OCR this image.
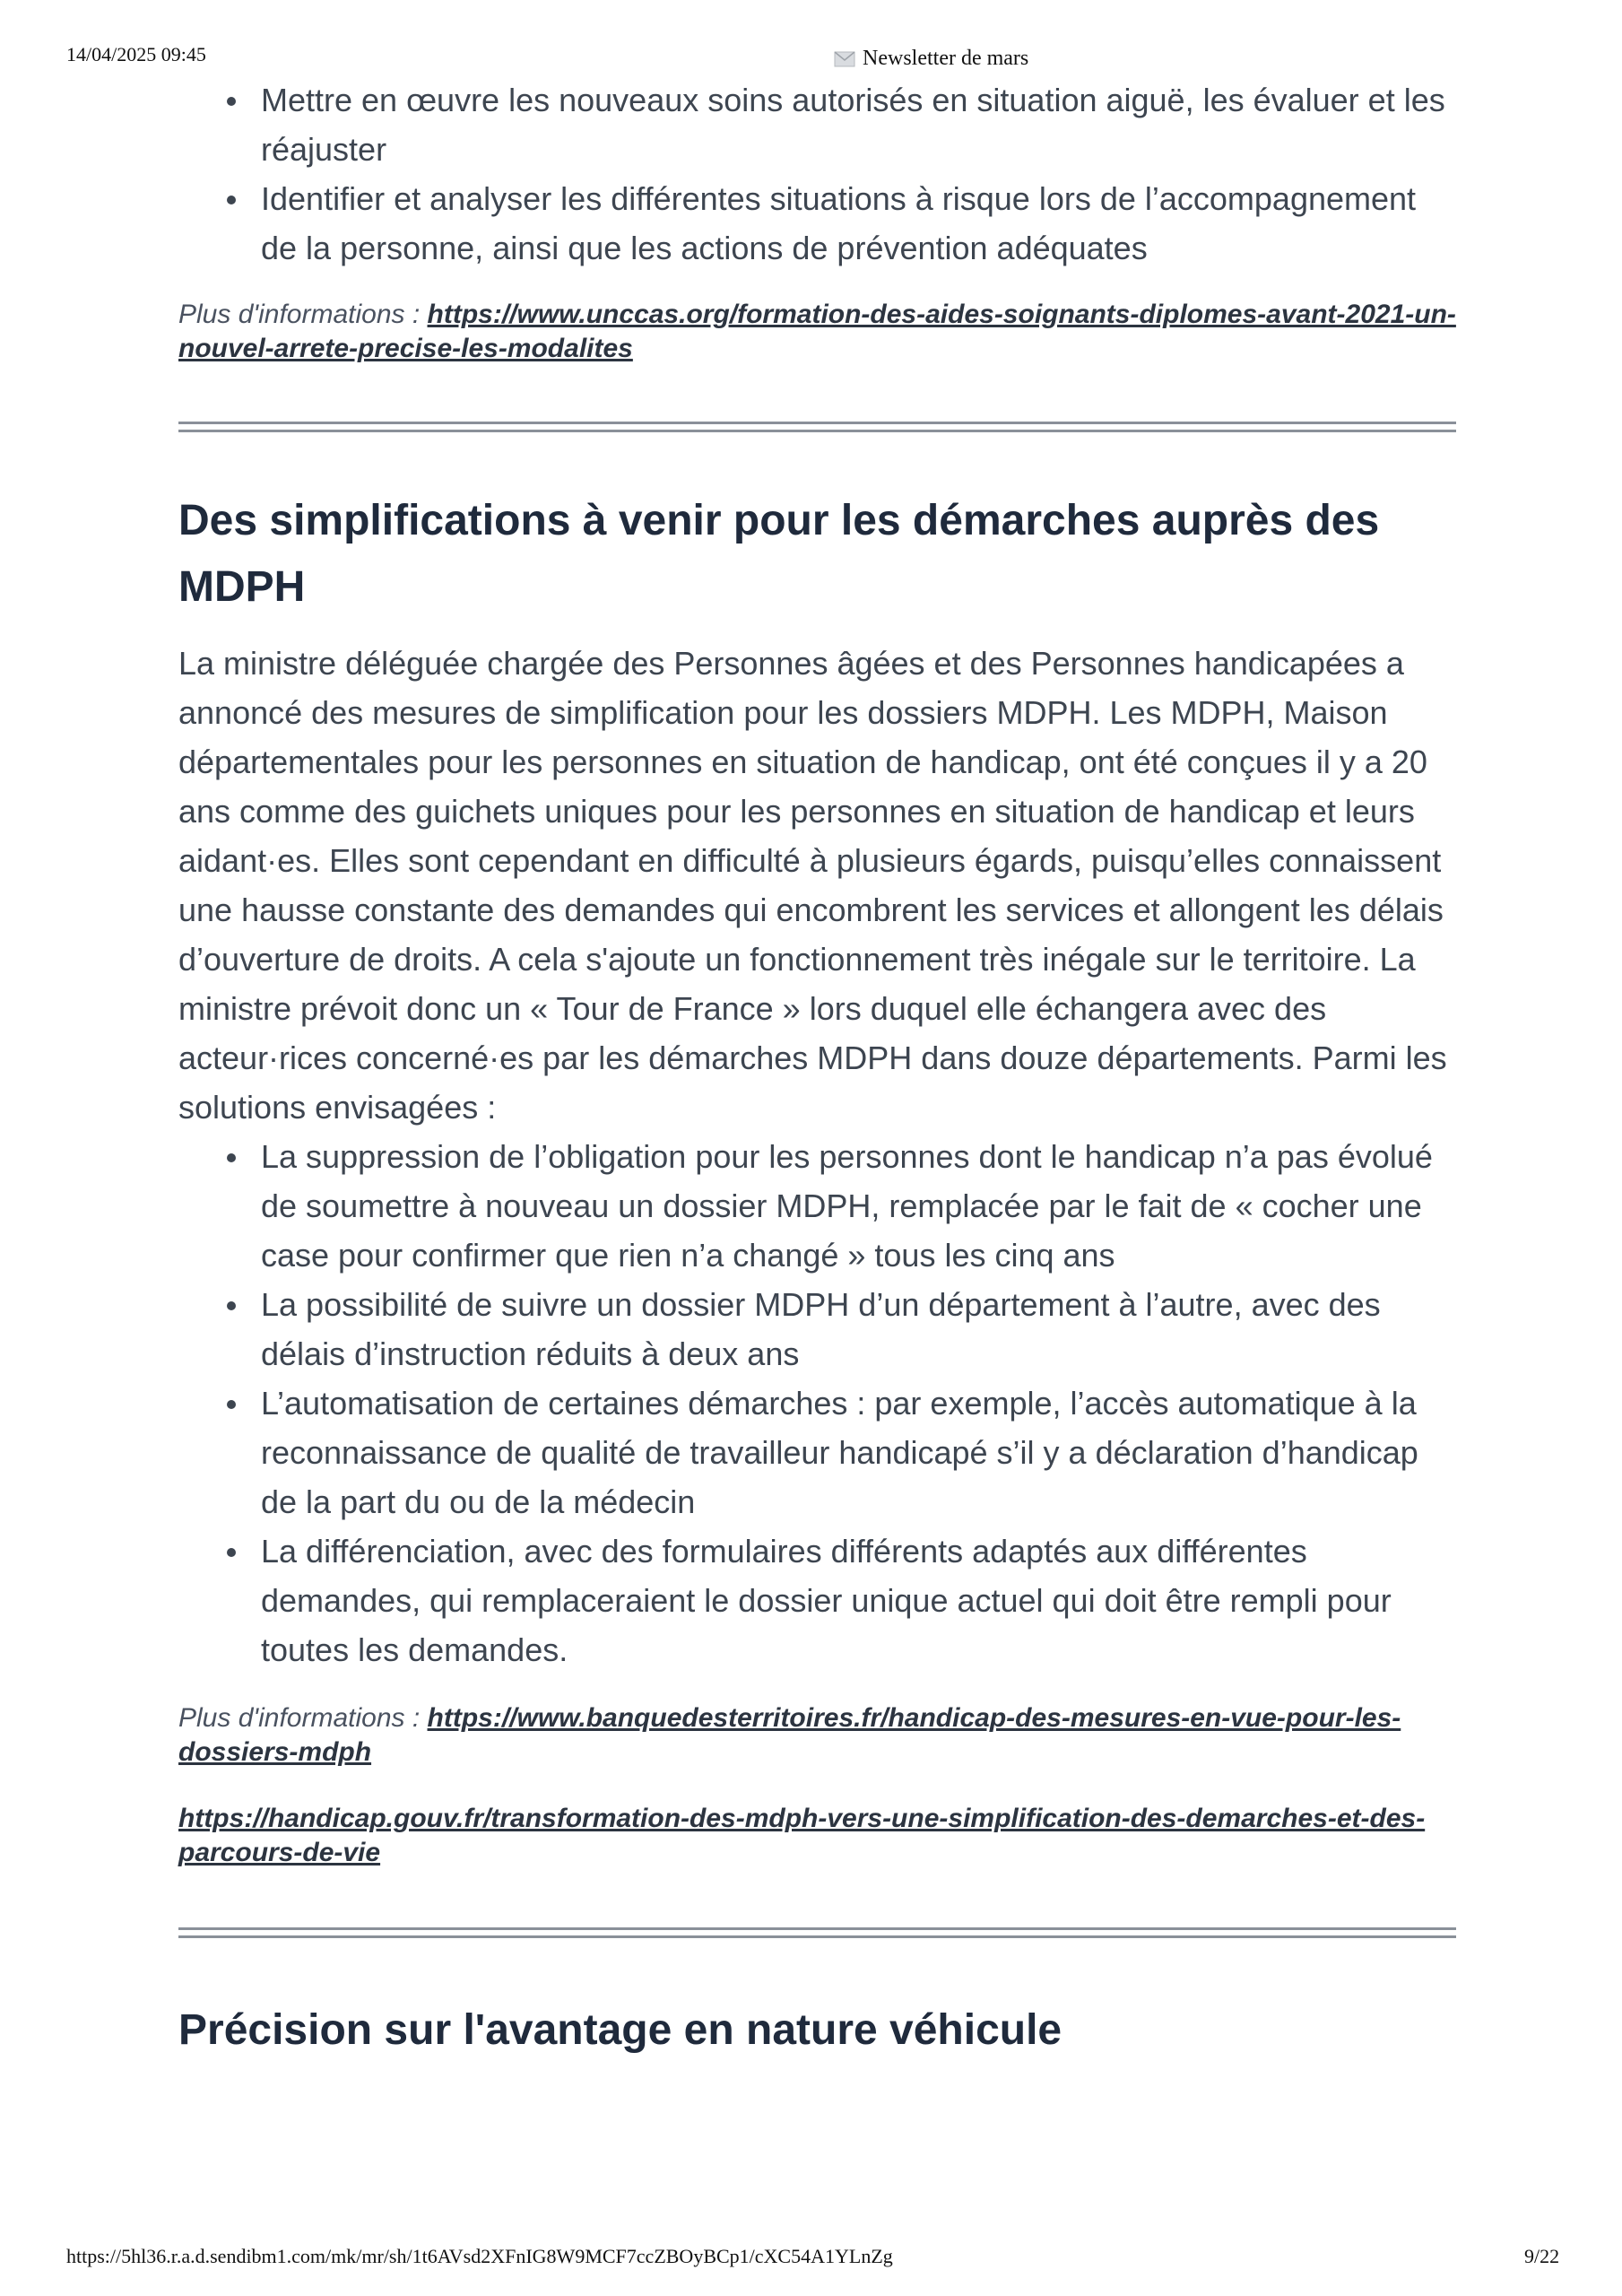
14/04/2025 09:45	Newsletter de mars
Mettre en œuvre les nouveaux soins autorisés en situation aiguë, les évaluer et les réajuster
Identifier et analyser les différentes situations à risque lors de l’accompagnement de la personne, ainsi que les actions de prévention adéquates
Plus d'informations : https://www.unccas.org/formation-des-aides-soignants-diplomes-avant-2021-un-nouvel-arrete-precise-les-modalites
Des simplifications à venir pour les démarches auprès des MDPH

La ministre déléguée chargée des Personnes âgées et des Personnes handicapées a annoncé des mesures de simplification pour les dossiers MDPH. Les MDPH, Maison départementales pour les personnes en situation de handicap, ont été conçues il y a 20 ans comme des guichets uniques pour les personnes en situation de handicap et leurs aidant·es. Elles sont cependant en difficulté à plusieurs égards, puisqu’elles connaissent une hausse constante des demandes qui encombrent les services et allongent les délais d’ouverture de droits. A cela s'ajoute un fonctionnement très inégale sur le territoire. La ministre prévoit donc un « Tour de France » lors duquel elle échangera avec des acteur·rices concerné·es par les démarches MDPH dans douze départements. Parmi les solutions envisagées :

La suppression de l’obligation pour les personnes dont le handicap n’a pas évolué de soumettre à nouveau un dossier MDPH, remplacée par le fait de « cocher une case pour confirmer que rien n’a changé » tous les cinq ans
La possibilité de suivre un dossier MDPH d’un département à l’autre, avec des délais d’instruction réduits à deux ans
L’automatisation de certaines démarches : par exemple, l’accès automatique à la reconnaissance de qualité de travailleur handicapé s’il y a déclaration d’handicap de la part du ou de la médecin
La différenciation, avec des formulaires différents adaptés aux différentes demandes, qui remplaceraient le dossier unique actuel qui doit être rempli pour toutes les demandes.
Plus d'informations : https://www.banquedesterritoires.fr/handicap-des-mesures-en-vue-pour-les-dossiers-mdph
https://handicap.gouv.fr/transformation-des-mdph-vers-une-simplification-des-demarches-et-des-parcours-de-vie
Précision sur l'avantage en nature véhicule
https://5hl36.r.a.d.sendibm1.com/mk/mr/sh/1t6AVsd2XFnIG8W9MCF7ccZBOyBCp1/cXC54A1YLnZg	9/22
